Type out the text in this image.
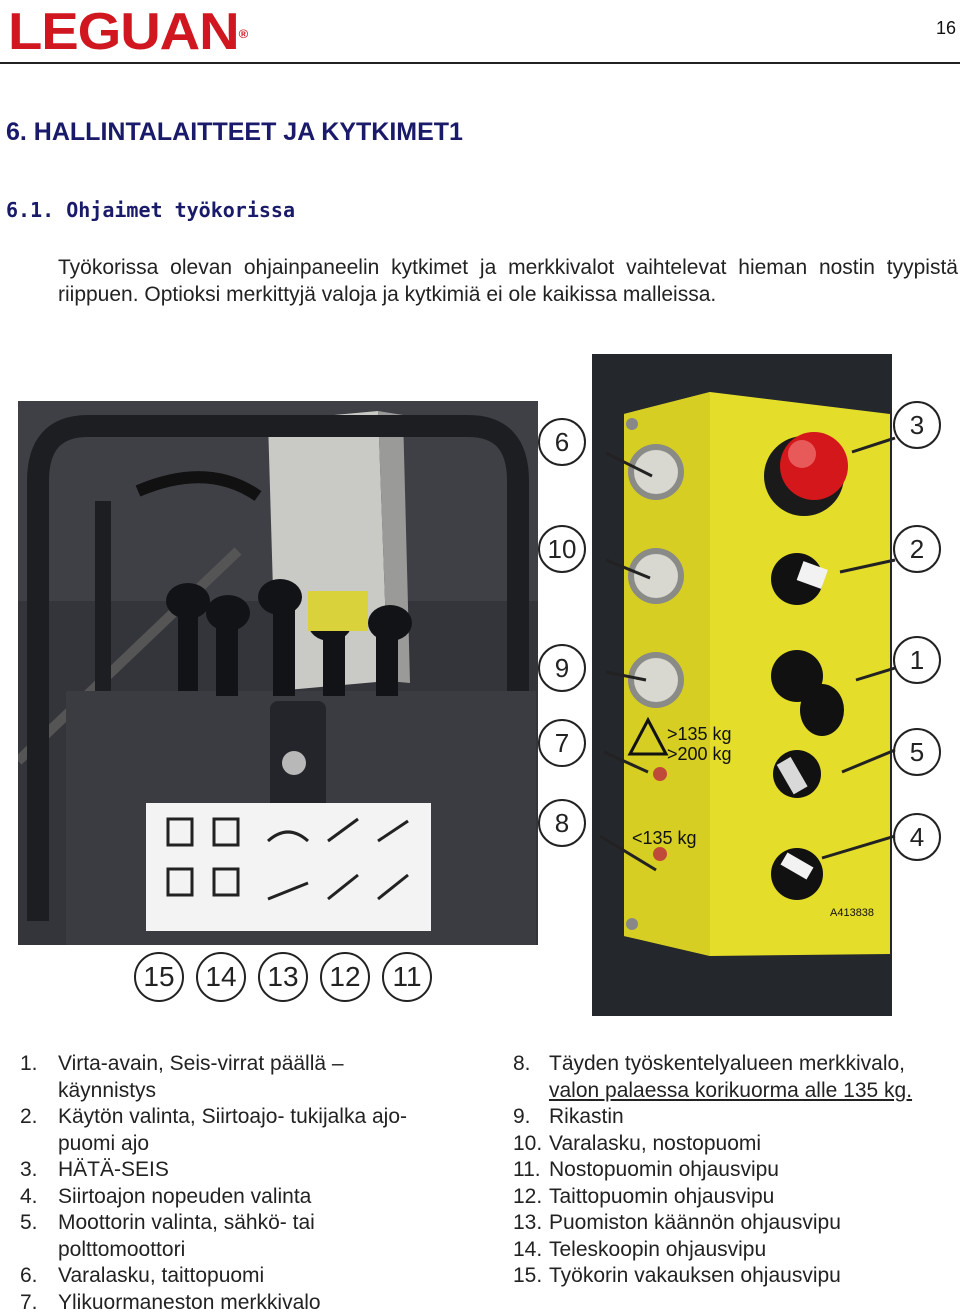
LEGUAN®	16
6. HALLINTALAITTEET JA KYTKIMET1
6.1. Ohjaimet työkorissa
Työkorissa olevan ohjainpaneelin kytkimet ja merkkivalot vaihtelevat hieman nostin tyypistä riippuen. Optioksi merkittyjä valoja ja kytkimiä ei ole kaikissa malleissa.
>135 kg
>200 kg
<135 kg
A413838
6
10
9
7
8
3
2
1
5
4
15	14	13	12	11
1. Virta-avain, Seis-virrat päällä –
käynnistys
2. Käytön valinta, Siirtoajo- tukijalka ajo-
puomi ajo
3. HÄTÄ-SEIS
4. Siirtoajon nopeuden valinta
5. Moottorin valinta, sähkö- tai
polttomoottori
6. Varalasku, taittopuomi
7. Ylikuormaneston merkkivalo
8. Täyden työskentelyalueen merkkivalo,
valon palaessa korikuorma alle 135 kg.
9. Rikastin
10. Varalasku, nostopuomi
11. Nostopuomin ohjausvipu
12. Taittopuomin ohjausvipu
13. Puomiston käännön ohjausvipu
14. Teleskoopin ohjausvipu
15. Työkorin vakauksen ohjausvipu
